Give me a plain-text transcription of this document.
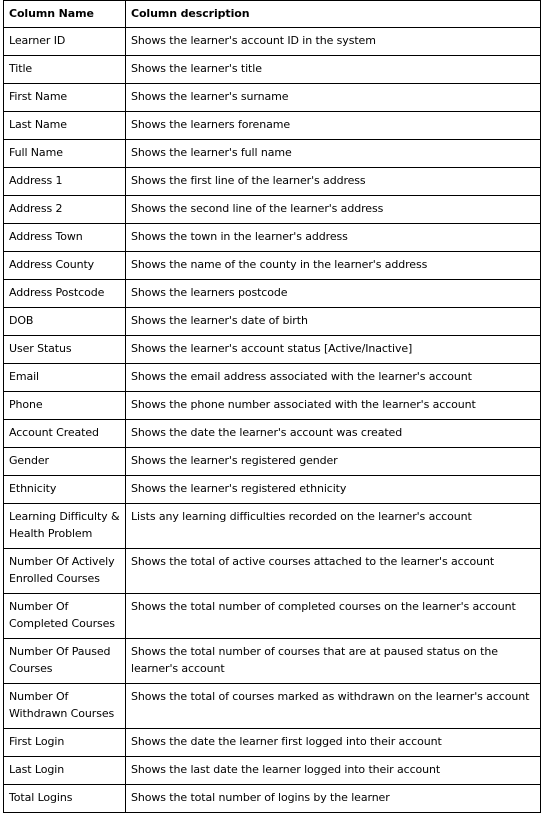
Column Name	Column description
Learner ID	Shows the learner's account ID in the system
Title	Shows the learner's title
First Name	Shows the learner's surname
Last Name	Shows the learners forename
Full Name	Shows the learner's full name
Address 1	Shows the first line of the learner's address
Address 2	Shows the second line of the learner's address
Address Town	Shows the town in the learner's address
Address County	Shows the name of the county in the learner's address
Address Postcode	Shows the learners postcode
DOB	Shows the learner's date of birth
User Status	Shows the learner's account status [Active/Inactive]
Email	Shows the email address associated with the learner's account
Phone	Shows the phone number associated with the learner's account
Account Created	Shows the date the learner's account was created
Gender	Shows the learner's registered gender
Ethnicity	Shows the learner's registered ethnicity
Learning Difficulty & Health Problem	Lists any learning difficulties recorded on the learner's account
Number Of Actively Enrolled Courses	Shows the total of active courses attached to the learner's account
Number Of Completed Courses	Shows the total number of completed courses on the learner's account
Number Of Paused Courses	Shows the total number of courses that are at paused status on the learner's account
Number Of Withdrawn Courses	Shows the total of courses marked as withdrawn on the learner's account
First Login	Shows the date the learner first logged into their account
Last Login	Shows the last date the learner logged into their account
Total Logins	Shows the total number of logins by the learner
